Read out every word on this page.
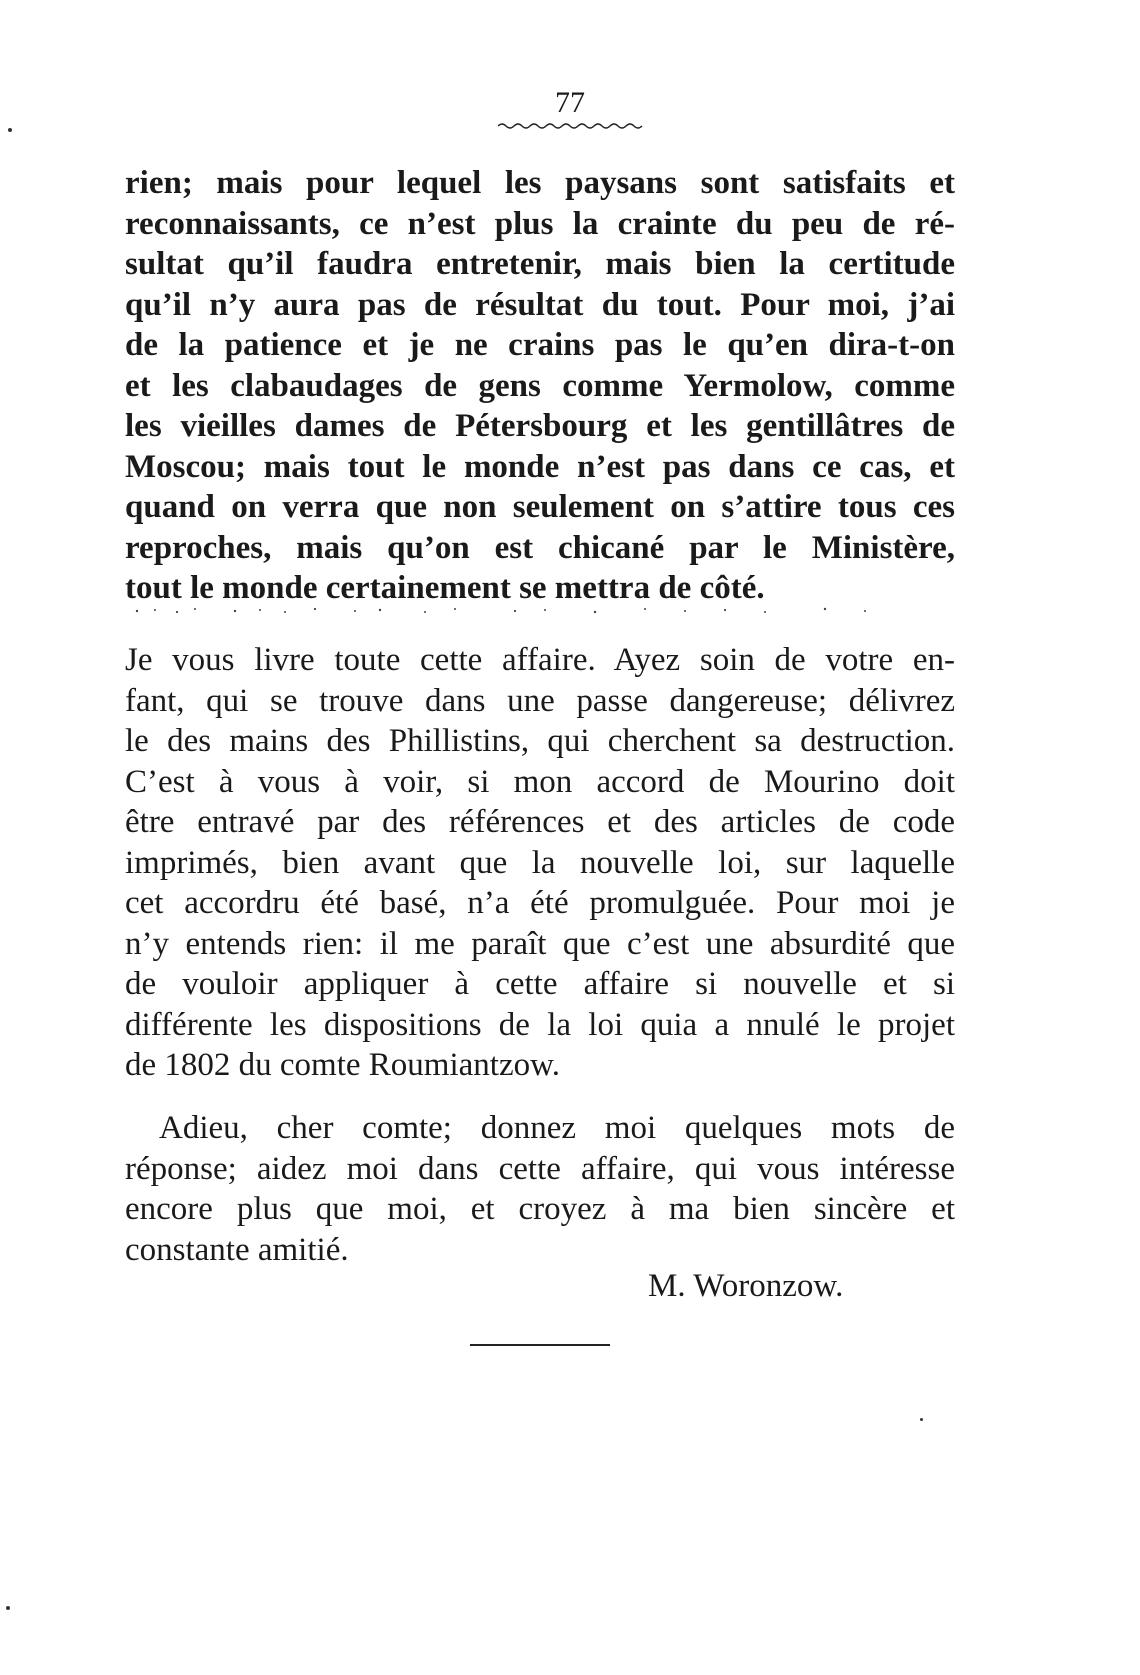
77
rien; mais pour lequel les paysans sont satisfaits et
reconnaissants, ce n’est plus la crainte du peu de ré-
sultat qu’il faudra entretenir, mais bien la certitude
qu’il n’y aura pas de résultat du tout. Pour moi, j’ai
de la patience et je ne crains pas le qu’en dira-t-on
et les clabaudages de gens comme Yermolow, comme
les vieilles dames de Pétersbourg et les gentillâtres de
Moscou; mais tout le monde n’est pas dans ce cas, et
quand on verra que non seulement on s’attire tous ces
reproches, mais qu’on est chicané par le Ministère,
tout le monde certainement se mettra de côté.
Je vous livre toute cette affaire. Ayez soin de votre en-
fant, qui se trouve dans une passe dangereuse; délivrez
le des mains des Phillistins, qui cherchent sa destruction.
C’est à vous à voir, si mon accord de Mourino doit
être entravé par des références et des articles de code
imprimés, bien avant que la nouvelle loi, sur laquelle
cet accordru été basé, n’a été promulguée. Pour moi je
n’y entends rien: il me paraît que c’est une absurdité que
de vouloir appliquer à cette affaire si nouvelle et si
différente les dispositions de la loi quia a nnulé le projet
de 1802 du comte Roumiantzow.
Adieu, cher comte; donnez moi quelques mots de
réponse; aidez moi dans cette affaire, qui vous intéresse
encore plus que moi, et croyez à ma bien sincère et
constante amitié.
M. Woronzow.
